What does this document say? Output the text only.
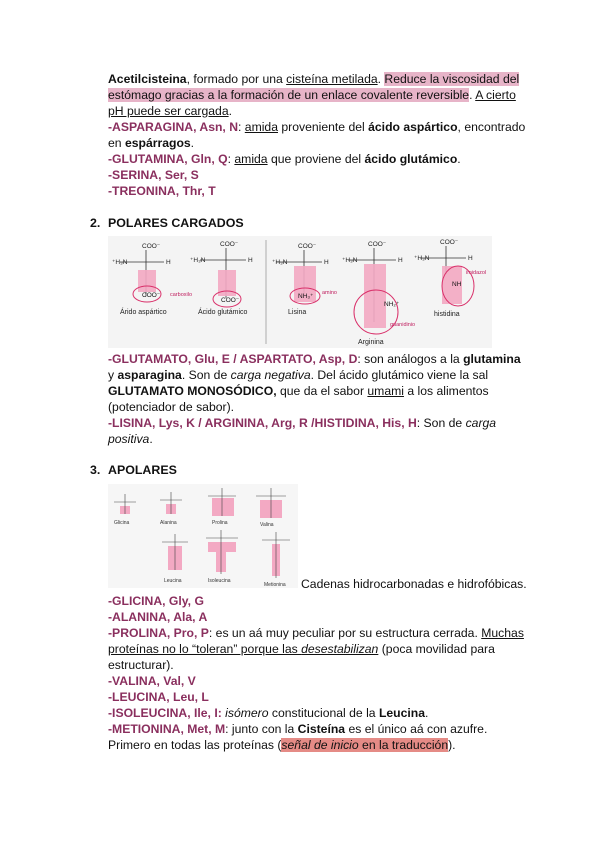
Acetilcisteina, formado por una cisteína metilada. Reduce la viscosidad del estómago gracias a la formación de un enlace covalente reversible. A cierto pH puede ser cargada.

-ASPARAGINA, Asn, N: amida proveniente del ácido aspártico, encontrado en espárragos.

-GLUTAMINA, Gln, Q: amida que proviene del ácido glutámico.

-SERINA, Ser, S

-TREONINA, Thr, T

2. POLARES CARGADOS
COO⁻
⁺H₃N	H
COO⁻
⁺H₃N	H
COO⁻
⁺H₃N	H
COO⁻
⁺H₃N	H
COO⁻
⁺H₃N	H
COO⁻
COO⁻
NH₃⁺
NH₂⁺
NH
carboxilo	amino
guanidinio
imidazol
Árido aspártico	Ácido glutámico	Lisina
Arginina
histidina

-GLUTAMATO, Glu, E / ASPARTATO, Asp, D: son análogos a la glutamina y asparagina. Son de carga negativa. Del ácido glutámico viene la sal GLUTAMATO MONOSÓDICO, que da el sabor umami a los alimentos (potenciador de sabor).

-LISINA, Lys, K / ARGININA, Arg, R /HISTIDINA, His, H: Son de carga positiva.

3. APOLARES
Glicina	Alanina	Prolina	Valina
Leucina	Isoleucina
Metionina Cadenas hidrocarbonadas e hidrofóbicas.

-GLICINA, Gly, G

-ALANINA, Ala, A

-PROLINA, Pro, P: es un aá muy peculiar por su estructura cerrada. Muchas proteínas no lo “toleran” porque las desestabilizan (poca movilidad para estructurar).

-VALINA, Val, V

-LEUCINA, Leu, L

-ISOLEUCINA, Ile, I: isómero constitucional de la Leucina.

-METIONINA, Met, M: junto con la Cisteína es el único aá con azufre. Primero en todas las proteínas (señal de inicio en la traducción).
